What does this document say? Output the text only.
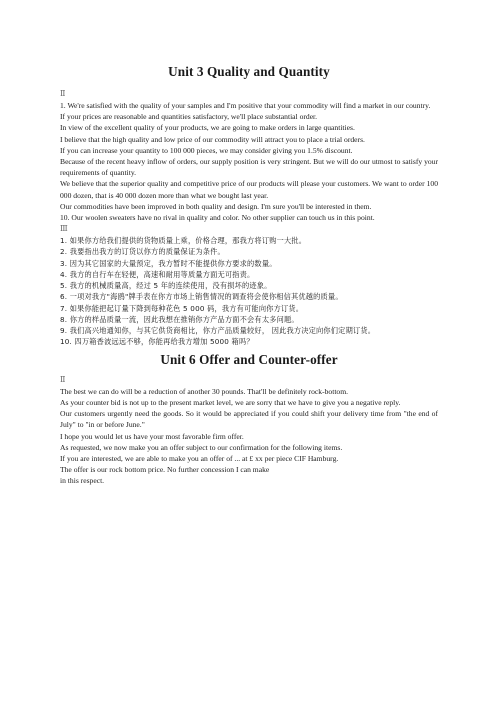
Unit 3 Quality and Quantity
Ⅱ

1. We're satisfied with the quality of your samples and I'm positive that your commodity will find a market in our country.

If your prices are reasonable and quantities satisfactory, we'll place substantial order.

In view of the excellent quality of your products, we are going to make orders in large quantities.

I believe that the high quality and low price of our commodity will attract you to place a trial orders.

If you can increase your quantity to 100 000 pieces, we may consider giving you 1.5% discount.

Because of the recent heavy inflow of orders, our supply position is very stringent. But we will do our utmost to satisfy your requirements of quantity.

We believe that the superior quality and competitive price of our products will please your customers. We want to order 100 000 dozen, that is 40 000 dozen more than what we bought last year.

Our commodities have been improved in both quality and design. I'm sure you'll be interested in them.

10. Our woolen sweaters have no rival in quality and color. No other supplier can touch us in this point.

Ⅲ

1. 如果你方给我们提供的货物质量上乘，价格合理，那我方将订购一大批。

2. 我要指出我方的订货以你方的质量保证为条件。

3. 因为其它国家的大量预定，我方暂时不能提供你方要求的数量。

4. 我方的自行车在轻便，高速和耐用等质量方面无可指责。

5. 我方的机械质量高，经过 5 年的连续使用，没有损坏的迹象。

6. 一项对我方"海鸥"牌手表在你方市场上销售情况的调查将会使你相信其优越的质量。

7. 如果你能把起订量下降到每种花色 5 000 码，我方有可能向你方订货。

8. 你方的样品质量一流，因此我想在推销你方产品方面不会有太多问题。

9. 我们高兴地通知你，与其它供货商相比，你方产品质量较好， 因此我方决定向你们定期订货。

10. 四万箱香波远远不够，你能再给我方增加 5000 箱吗？

Unit 6 Offer and Counter-offer
Ⅱ

The best we can do will be a reduction of another 30 pounds. That'll be definitely rock-bottom.

As your counter bid is not up to the present market level, we are sorry that we have to give you a negative reply.

Our customers urgently need the goods. So it would be appreciated if you could shift your delivery time from "the end of July" to "in or before June."

I hope you would let us have your most favorable firm offer.

As requested, we now make you an offer subject to our confirmation for the following items.

If you are interested, we are able to make you an offer of ... at £ xx per piece CIF Hamburg.

The offer is our rock bottom price. No further concession I can make

in this respect.
